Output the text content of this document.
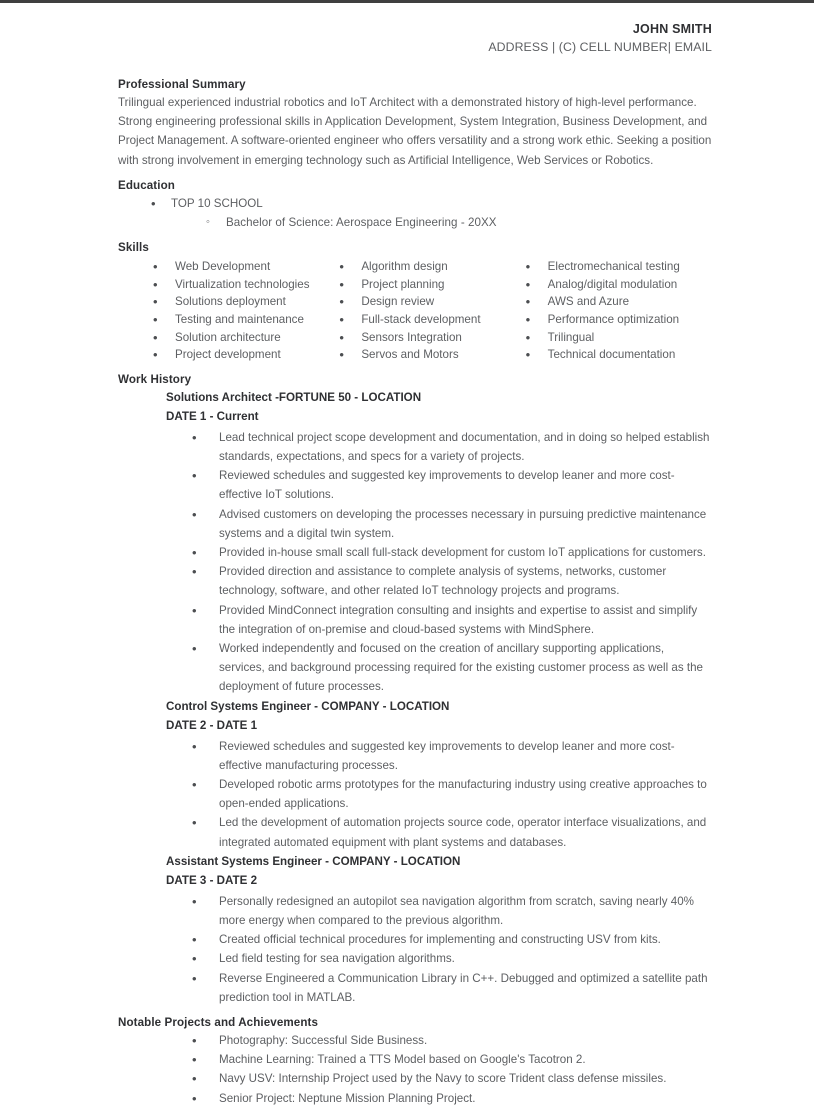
JOHN SMITH
ADDRESS | (C) CELL NUMBER| EMAIL
Professional Summary

Trilingual experienced industrial robotics and IoT Architect with a demonstrated history of high-level performance. Strong engineering professional skills in Application Development, System Integration, Business Development, and Project Management. A software-oriented engineer who offers versatility and a strong work ethic. Seeking a position with strong involvement in emerging technology such as Artificial Intelligence, Web Services or Robotics.

Education
•	TOP 10 SCHOOL
◦	Bachelor of Science: Aerospace Engineering - 20XX
Skills
•	Web Development
•	Virtualization technologies
•	Solutions deployment
•	Testing and maintenance
•	Solution architecture
•	Project development
•	Algorithm design
•	Project planning
•	Design review
•	Full-stack development
•	Sensors Integration
•	Servos and Motors
•	Electromechanical testing
•	Analog/digital modulation
•	AWS and Azure
•	Performance optimization
•	Trilingual
•	Technical documentation
Work History
Solutions Architect -FORTUNE 50 - LOCATION
DATE 1 - Current
•	Lead technical project scope development and documentation, and in doing so helped establish standards, expectations, and specs for a variety of projects.
•	Reviewed schedules and suggested key improvements to develop leaner and more cost-effective IoT solutions.
•	Advised customers on developing the processes necessary in pursuing predictive maintenance systems and a digital twin system.
•	Provided in-house small scall full-stack development for custom IoT applications for customers.
•	Provided direction and assistance to complete analysis of systems, networks, customer technology, software, and other related IoT technology projects and programs.
•	Provided MindConnect integration consulting and insights and expertise to assist and simplify the integration of on-premise and cloud-based systems with MindSphere.
•	Worked independently and focused on the creation of ancillary supporting applications, services, and background processing required for the existing customer process as well as the deployment of future processes.
Control Systems Engineer - COMPANY - LOCATION
DATE 2 - DATE 1
•	Reviewed schedules and suggested key improvements to develop leaner and more cost-effective manufacturing processes.
•	Developed robotic arms prototypes for the manufacturing industry using creative approaches to open-ended applications.
•	Led the development of automation projects source code, operator interface visualizations, and integrated automated equipment with plant systems and databases.
Assistant Systems Engineer - COMPANY - LOCATION
DATE 3 - DATE 2
•	Personally redesigned an autopilot sea navigation algorithm from scratch, saving nearly 40% more energy when compared to the previous algorithm.
•	Created official technical procedures for implementing and constructing USV from kits.
•	Led field testing for sea navigation algorithms.
•	Reverse Engineered a Communication Library in C++. Debugged and optimized a satellite path prediction tool in MATLAB.
Notable Projects and Achievements
•	Photography: Successful Side Business.
•	Machine Learning: Trained a TTS Model based on Google's Tacotron 2.
•	Navy USV: Internship Project used by the Navy to score Trident class defense missiles.
•	Senior Project: Neptune Mission Planning Project.
